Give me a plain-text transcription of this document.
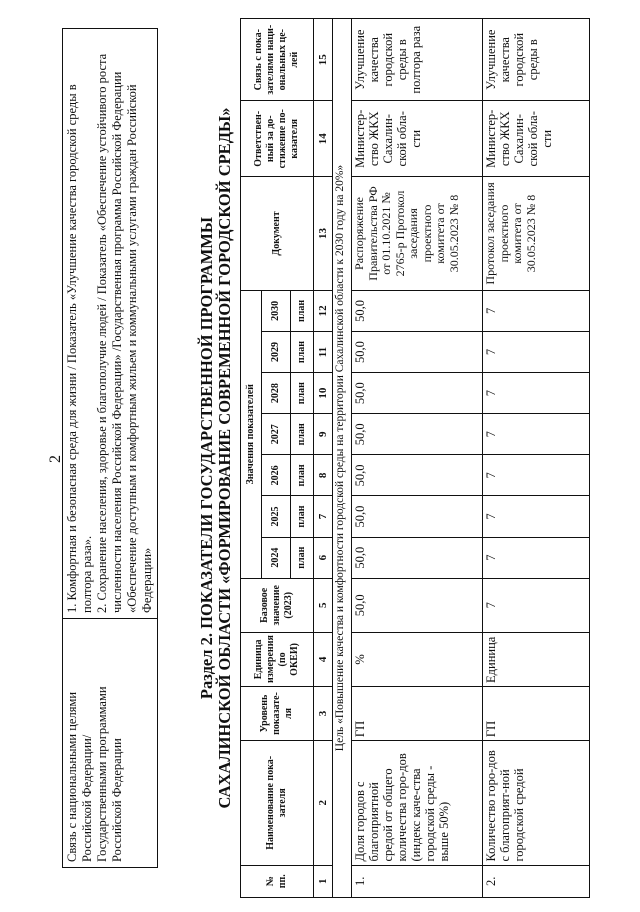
2
Связь с национальными целями Российской Федерации/ Государственными программами Российской Федерации

1. Комфортная и безопасная среда для жизни / Показатель «Улучшение качества городской среды в полтора раза». 2. Сохранение населения, здоровье и благополучие людей / Показатель «Обеспечение устойчивого роста численности населения Российской Федерации» /Государственная программа Российской Федерации «Обеспечение доступным и комфортным жильем и коммунальными услугами граждан Российской Федерации»	Раздел 2. ПОКАЗАТЕЛИ ГОСУДАРСТВЕННОЙ ПРОГРАММЫ САХАЛИНСКОЙ ОБЛАСТИ «ФОРМИРОВАНИЕ СОВРЕМЕННОЙ ГОРОДСКОЙ СРЕДЫ»
№ пп.	Наименование пока-зателя	Уровень показате-ля	Единица измерения (по ОКЕИ)	Базовое значение (2023)	Значения показателей							Документ	Ответствен-ный за до-стижение по-казателя	Связь с пока-зателями наци-ональных це-лей
					2024	2025	2026	2027	2028	2029	2030			
					план	план	план	план	план	план	план			
1	2	3	4	5	6	7	8	9	10	11	12	13	14	15
Цель «Повышение качества и комфортности городской среды на территории Сахалинской области к 2030 году на 20%»														
1.	Доля городов с благоприятной средой от общего количества горо-дов (индекс каче-ства городской среды - выше 50%)	ГП	%	50,0	50,0	50,0	50,0	50,0	50,0	50,0	50,0	Распоряжение Правительства РФ от 01.10.2021 № 2765-р Протокол заседания проектного комитета от 30.05.2023 № 8	Министер-ство ЖКХ Сахалин-ской обла-сти	Улучшение качества городской среды в полтора раза
2.	Количество горо-дов с благоприят-ной городской средой	ГП	Единица	7	7	7	7	7	7	7	7	Протокол заседания проектного комитета от 30.05.2023 № 8	Министер-ство ЖКХ Сахалин-ской обла-сти	Улучшение качества городской среды в
